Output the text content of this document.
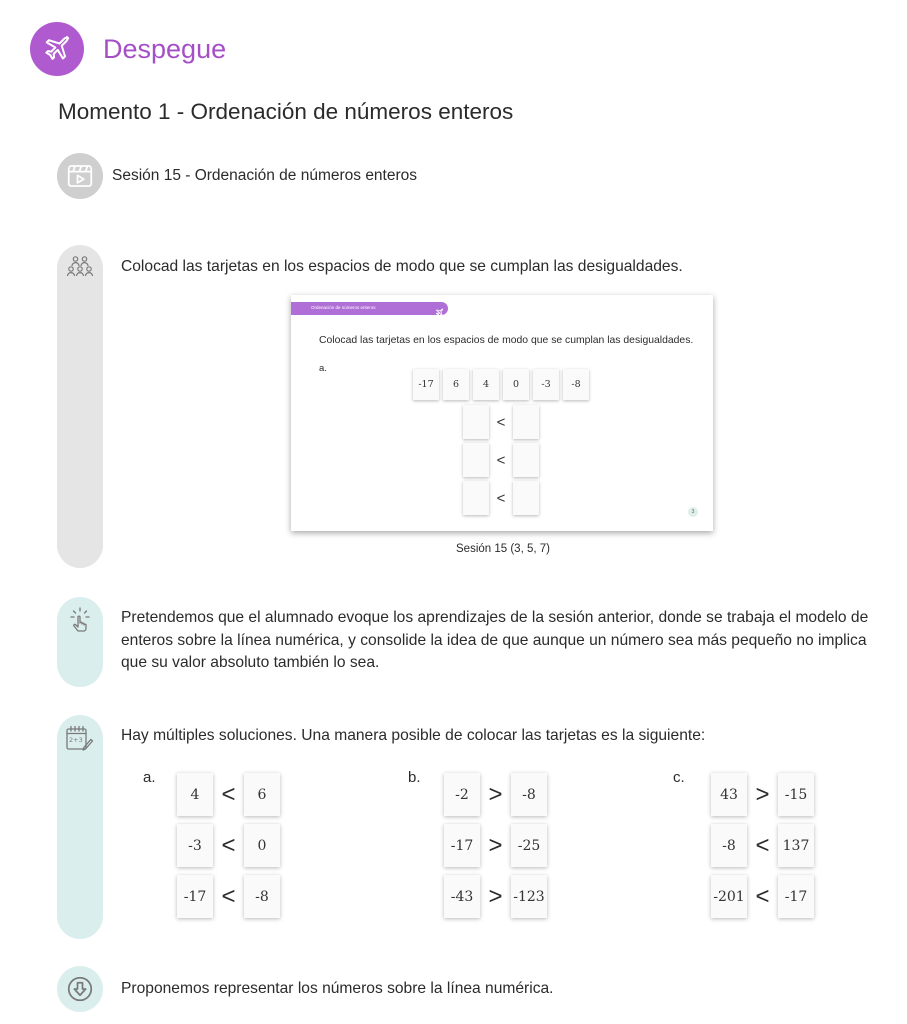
Despegue
Momento 1 - Ordenación de números enteros
Sesión 15 - Ordenación de números enteros
Colocad las tarjetas en los espacios de modo que se cumplan las desigualdades.
Ordenación de números enteros
Colocad las tarjetas en los espacios de modo que se cumplan las desigualdades.
a.
-17	6	4	0	-3	-8
<
<
<
3
Sesión 15 (3, 5, 7)
Pretendemos que el alumnado evoque los aprendizajes de la sesión anterior, donde se trabaja el modelo de
enteros sobre la línea numérica, y consolide la idea de que aunque un número sea más pequeño no implica
que su valor absoluto también lo sea.
2+3 Hay múltiples soluciones. Una manera posible de colocar las tarjetas es la siguiente:
a.	b.	c.
4 <	6
-3 <	0
-17 <	-8
-2 >	-8
-17 >	-25
-43 > -123
43 >	-15
-8 < 137
-201 <	-17
Proponemos representar los números sobre la línea numérica.
